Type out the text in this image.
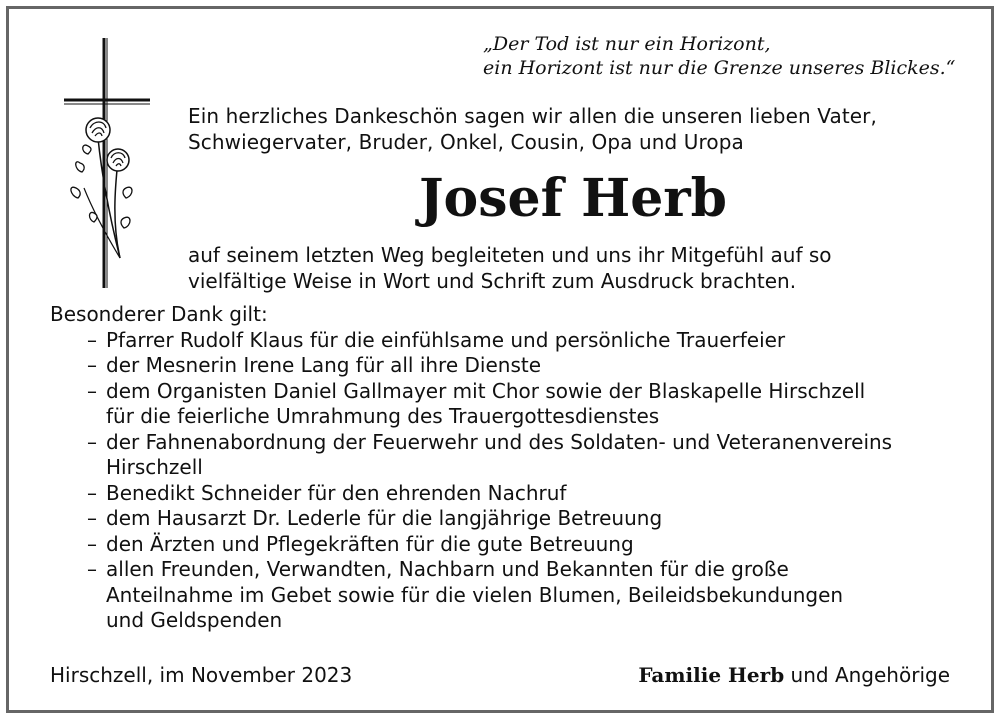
„Der Tod ist nur ein Horizont,
ein Horizont ist nur die Grenze unseres Blickes.“
Ein herzliches Dankeschön sagen wir allen die unseren lieben Vater,
Schwiegervater, Bruder, Onkel, Cousin, Opa und Uropa
Josef Herb
auf seinem letzten Weg begleiteten und uns ihr Mitgefühl auf so
vielfältige Weise in Wort und Schrift zum Ausdruck brachten.
Besonderer Dank gilt:
– Pfarrer Rudolf Klaus für die einfühlsame und persönliche Trauerfeier
– der Mesnerin Irene Lang für all ihre Dienste
– dem Organisten Daniel Gallmayer mit Chor sowie der Blaskapelle Hirschzell
für die feierliche Umrahmung des Trauergottesdienstes
– der Fahnenabordnung der Feuerwehr und des Soldaten- und Veteranenvereins
Hirschzell
– Benedikt Schneider für den ehrenden Nachruf
– dem Hausarzt Dr. Lederle für die langjährige Betreuung
– den Ärzten und Pflegekräften für die gute Betreuung
– allen Freunden, Verwandten, Nachbarn und Bekannten für die große
Anteilnahme im Gebet sowie für die vielen Blumen, Beileidsbekundungen
und Geldspenden
Hirschzell, im November 2023	Familie Herb und Angehörige
